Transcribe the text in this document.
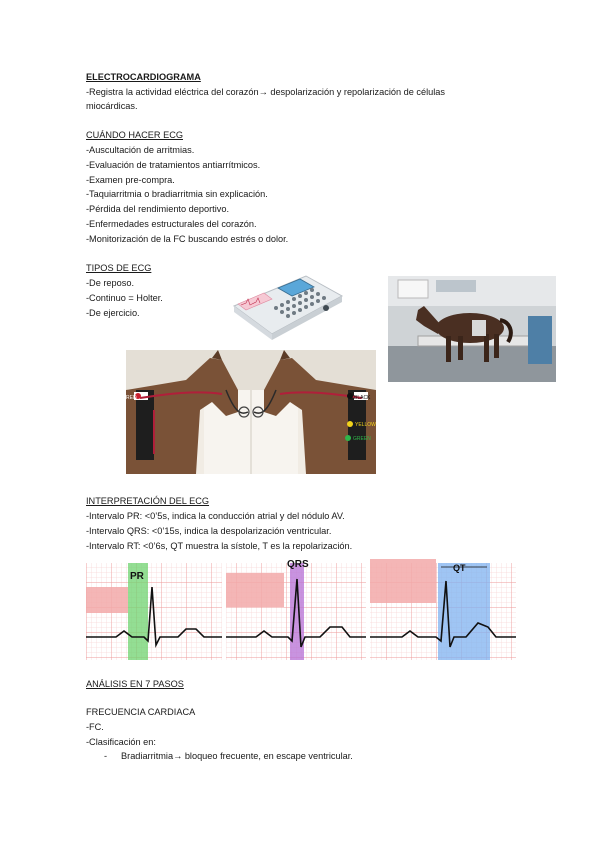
ELECTROCARDIOGRAMA
-Registra la actividad eléctrica del corazón→ despolarización y repolarización de células
miocárdicas.
CUÁNDO HACER ECG
-Auscultación de arritmias.
-Evaluación de tratamientos antiarrítmicos.
-Examen pre-compra.
-Taquiarritmia o bradiarritmia sin explicación.
-Pérdida del rendimiento deportivo.
-Enfermedades estructurales del corazón.
-Monitorización de la FC buscando estrés o dolor.
TIPOS DE ECG
-De reposo.
-Continuo = Holter.
-De ejercicio.
RED	BLACK
YELLOW
GREEN
INTERPRETACIÓN DEL ECG
-Intervalo PR: <0’5s, indica la conducción atrial y del nódulo AV.
-Intervalo QRS: <0’15s, indica la despolarización ventricular.
-Intervalo RT: <0’6s, QT muestra la sístole, T es la repolarización.
PR
QRS	QT
ANÁLISIS EN 7 PASOS
FRECUENCIA CARDIACA
-FC.
-Clasificación en:
- Bradiarritmia→ bloqueo frecuente, en escape ventricular.
